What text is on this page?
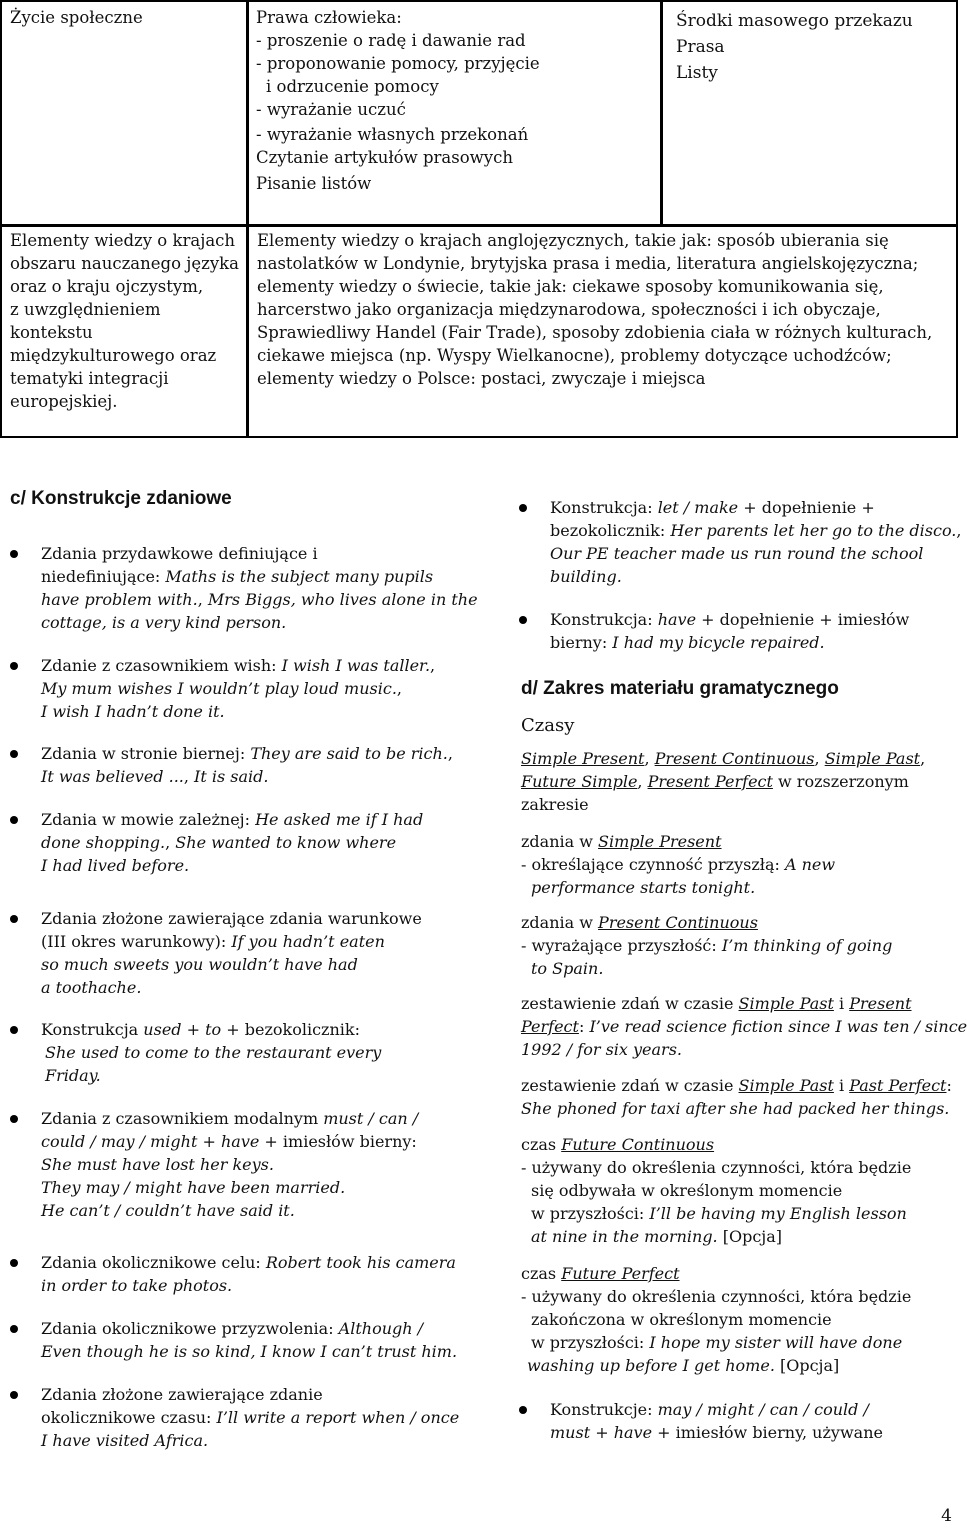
Życie społeczne	Prawa człowieka:
- proszenie o radę i dawanie rad
- proponowanie pomocy, przyjęcie
i odrzucenie pomocy
- wyrażanie uczuć
- wyrażanie własnych przekonań
Czytanie artykułów prasowych
Pisanie listów
Środki masowego przekazu
Prasa
Listy
Elementy wiedzy o krajach
obszaru nauczanego języka
oraz o kraju ojczystym,
z uwzględnieniem
kontekstu
międzykulturowego oraz
tematyki integracji
europejskiej.
Elementy wiedzy o krajach anglojęzycznych, takie jak: sposób ubierania się
nastolatków w Londynie, brytyjska prasa i media, literatura angielskojęzyczna;
elementy wiedzy o świecie, takie jak: ciekawe sposoby komunikowania się,
harcerstwo jako organizacja międzynarodowa, społeczności i ich obyczaje,
Sprawiedliwy Handel (Fair Trade), sposoby zdobienia ciała w różnych kulturach,
ciekawe miejsca (np. Wyspy Wielkanocne), problemy dotyczące uchodźców;
elementy wiedzy o Polsce: postaci, zwyczaje i miejsca
c/ Konstrukcje zdaniowe
Zdania przydawkowe definiujące i
niedefiniujące: Maths is the subject many pupils
have problem with., Mrs Biggs, who lives alone in the
cottage, is a very kind person.
Zdanie z czasownikiem wish: I wish I was taller.,
My mum wishes I wouldn’t play loud music.,
I wish I hadn’t done it.
Zdania w stronie biernej: They are said to be rich.,
It was believed ..., It is said.
Zdania w mowie zależnej: He asked me if I had
done shopping., She wanted to know where
I had lived before.
Zdania złożone zawierające zdania warunkowe
(III okres warunkowy): If you hadn’t eaten
so much sweets you wouldn’t have had
a toothache.
Konstrukcja used + to + bezokolicznik:
She used to come to the restaurant every
Friday.
Zdania z czasownikiem modalnym must / can /
could / may / might + have + imiesłów bierny:
She must have lost her keys.
They may / might have been married.
He can’t / couldn’t have said it.
Zdania okolicznikowe celu: Robert took his camera
in order to take photos.
Zdania okolicznikowe przyzwolenia: Although /
Even though he is so kind, I know I can’t trust him.
Zdania złożone zawierające zdanie
okolicznikowe czasu: I’ll write a report when / once
I have visited Africa.
Konstrukcja: let / make + dopełnienie +
bezokolicznik: Her parents let her go to the disco.,
Our PE teacher made us run round the school
building.
Konstrukcja: have + dopełnienie + imiesłów
bierny: I had my bicycle repaired.
d/ Zakres materiału gramatycznego
Czasy
Simple Present, Present Continuous, Simple Past,
Future Simple, Present Perfect w rozszerzonym
zakresie
zdania w Simple Present
- określające czynność przyszłą: A new
performance starts tonight.
zdania w Present Continuous
- wyrażające przyszłość: I’m thinking of going
to Spain.
zestawienie zdań w czasie Simple Past i Present
Perfect: I’ve read science fiction since I was ten / since
1992 / for six years.
zestawienie zdań w czasie Simple Past i Past Perfect:
She phoned for taxi after she had packed her things.
czas Future Continuous
- używany do określenia czynności, która będzie
się odbywała w określonym momencie
w przyszłości: I’ll be having my English lesson
at nine in the morning. [Opcja]
czas Future Perfect
- używany do określenia czynności, która będzie
zakończona w określonym momencie
w przyszłości: I hope my sister will have done
washing up before I get home. [Opcja]
Konstrukcje: may / might / can / could /
must + have + imiesłów bierny, używane
4
